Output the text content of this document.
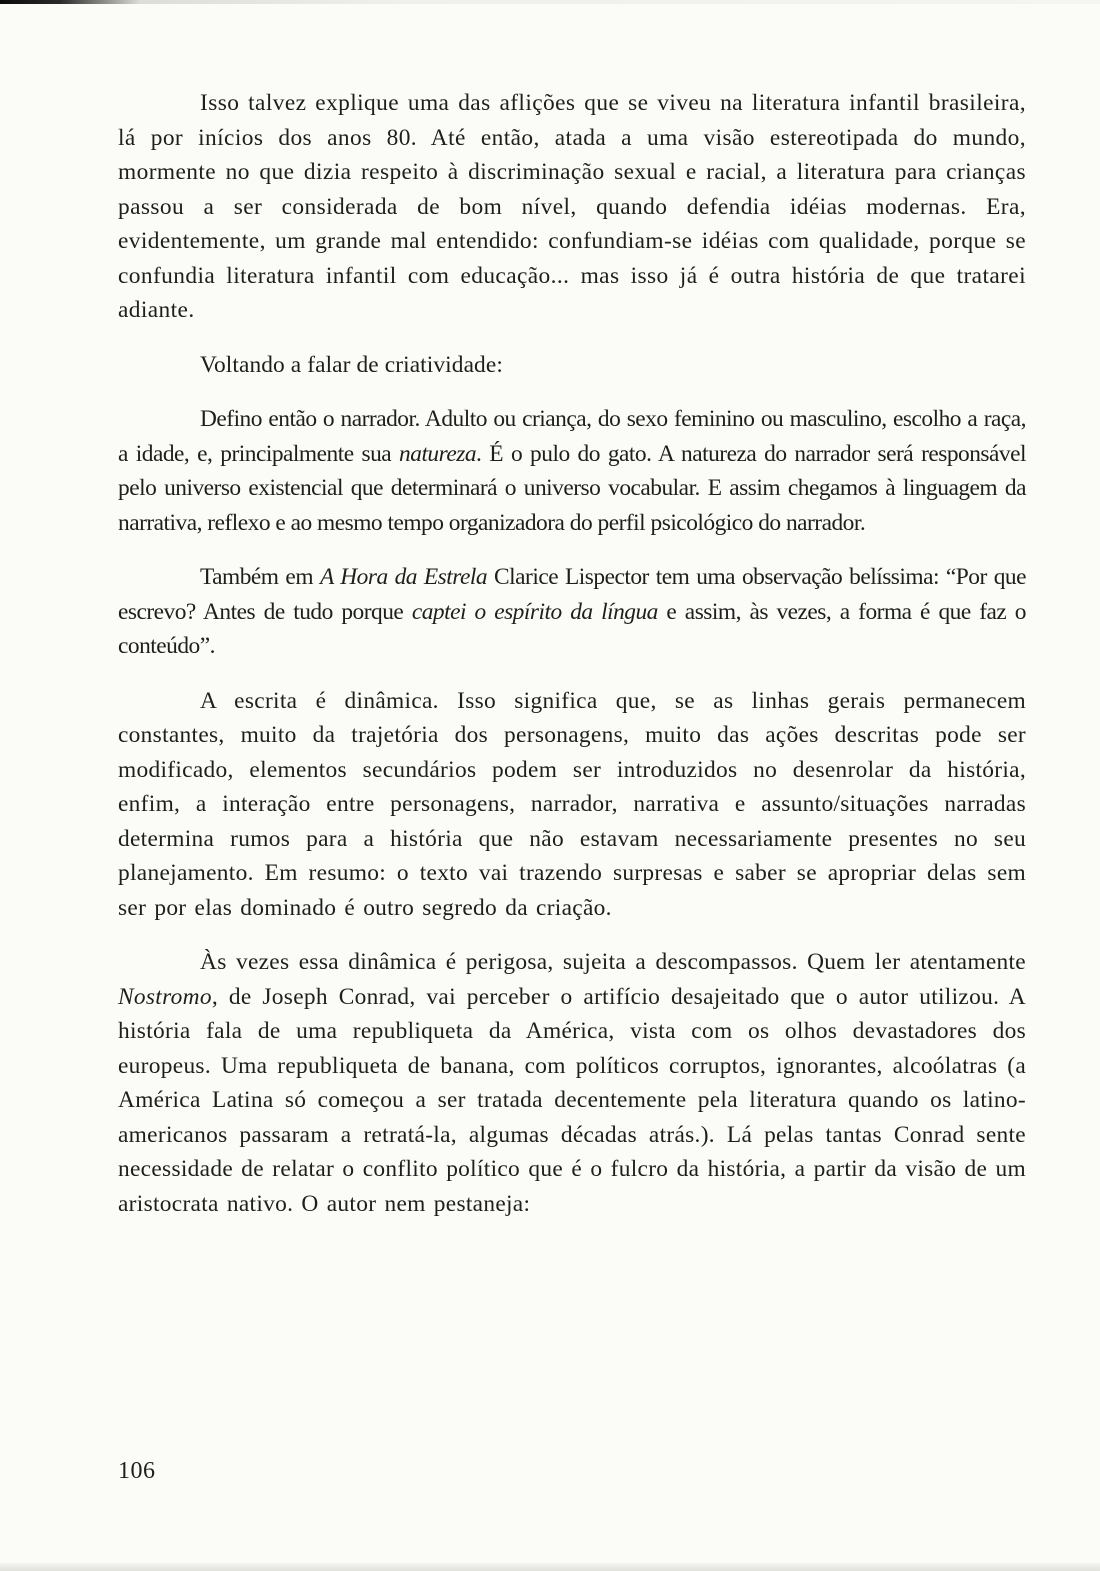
Isso talvez explique uma das aflições que se viveu na literatura infantil brasileira, lá por inícios dos anos 80. Até então, atada a uma visão estereotipada do mundo, mormente no que dizia respeito à discriminação sexual e racial, a literatura para crianças passou a ser considerada de bom nível, quando defendia idéias modernas. Era, evidentemente, um grande mal entendido: confundiam-se idéias com qualidade, porque se confundia literatura infantil com educação... mas isso já é outra história de que tratarei adiante.

Voltando a falar de criatividade:

Defino então o narrador. Adulto ou criança, do sexo feminino ou masculino, escolho a raça, a idade, e, principalmente sua natureza. É o pulo do gato. A natureza do narrador será responsável pelo universo existencial que determinará o universo vocabular. E assim chegamos à linguagem da narrativa, reflexo e ao mesmo tempo organizadora do perfil psicológico do narrador.

Também em A Hora da Estrela Clarice Lispector tem uma observação belíssima: “Por que escrevo? Antes de tudo porque captei o espírito da língua e assim, às vezes, a forma é que faz o conteúdo”.

A escrita é dinâmica. Isso significa que, se as linhas gerais permanecem constantes, muito da trajetória dos personagens, muito das ações descritas pode ser modificado, elementos secundários podem ser introduzidos no desenrolar da história, enfim, a interação entre personagens, narrador, narrativa e assunto/situações narradas determina rumos para a história que não estavam necessariamente presentes no seu planejamento. Em resumo: o texto vai trazendo surpresas e saber se apropriar delas sem ser por elas dominado é outro segredo da criação.

Às vezes essa dinâmica é perigosa, sujeita a descompassos. Quem ler atentamente Nostromo, de Joseph Conrad, vai perceber o artifício desajeitado que o autor utilizou. A história fala de uma republiqueta da América, vista com os olhos devastadores dos europeus. Uma republiqueta de banana, com políticos corruptos, ignorantes, alcoólatras (a América Latina só começou a ser tratada decentemente pela literatura quando os latino-americanos passaram a retratá-la, algumas décadas atrás.). Lá pelas tantas Conrad sente necessidade de relatar o conflito político que é o fulcro da história, a partir da visão de um aristocrata nativo. O autor nem pestaneja:

106
